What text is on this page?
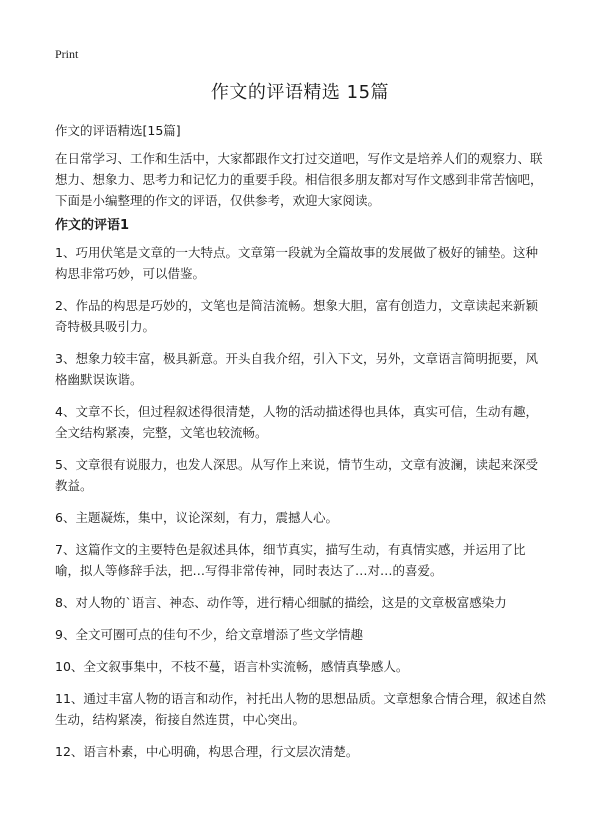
Print
作文的评语精选 15篇
作文的评语精选[15篇]

在日常学习、工作和生活中，大家都跟作文打过交道吧，写作文是培养人们的观察力、联想力、想象力、思考力和记忆力的重要手段。相信很多朋友都对写作文感到非常苦恼吧，下面是小编整理的作文的评语，仅供参考，欢迎大家阅读。

作文的评语1
1、巧用伏笔是文章的一大特点。文章第一段就为全篇故事的发展做了极好的铺垫。这种构思非常巧妙，可以借鉴。
2、作品的构思是巧妙的，文笔也是简洁流畅。想象大胆，富有创造力，文章读起来新颖奇特极具吸引力。
3、想象力较丰富，极具新意。开头自我介绍，引入下文，另外，文章语言简明扼要，风格幽默误诙谐。
4、文章不长，但过程叙述得很清楚，人物的活动描述得也具体，真实可信，生动有趣，全文结构紧凑，完整，文笔也较流畅。
5、文章很有说服力，也发人深思。从写作上来说，情节生动，文章有波澜，读起来深受教益。
6、主题凝炼，集中，议论深刻，有力，震撼人心。
7、这篇作文的主要特色是叙述具体，细节真实，描写生动，有真情实感，并运用了比喻，拟人等修辞手法，把…写得非常传神，同时表达了…对…的喜爱。
8、对人物的`语言、神态、动作等，进行精心细腻的描绘，这是的文章极富感染力
9、全文可圈可点的佳句不少，给文章增添了些文学情趣
10、全文叙事集中，不枝不蔓，语言朴实流畅，感情真挚感人。
11、通过丰富人物的语言和动作，衬托出人物的思想品质。文章想象合情合理，叙述自然生动，结构紧凑，衔接自然连贯，中心突出。
12、语言朴素，中心明确，构思合理，行文层次清楚。
